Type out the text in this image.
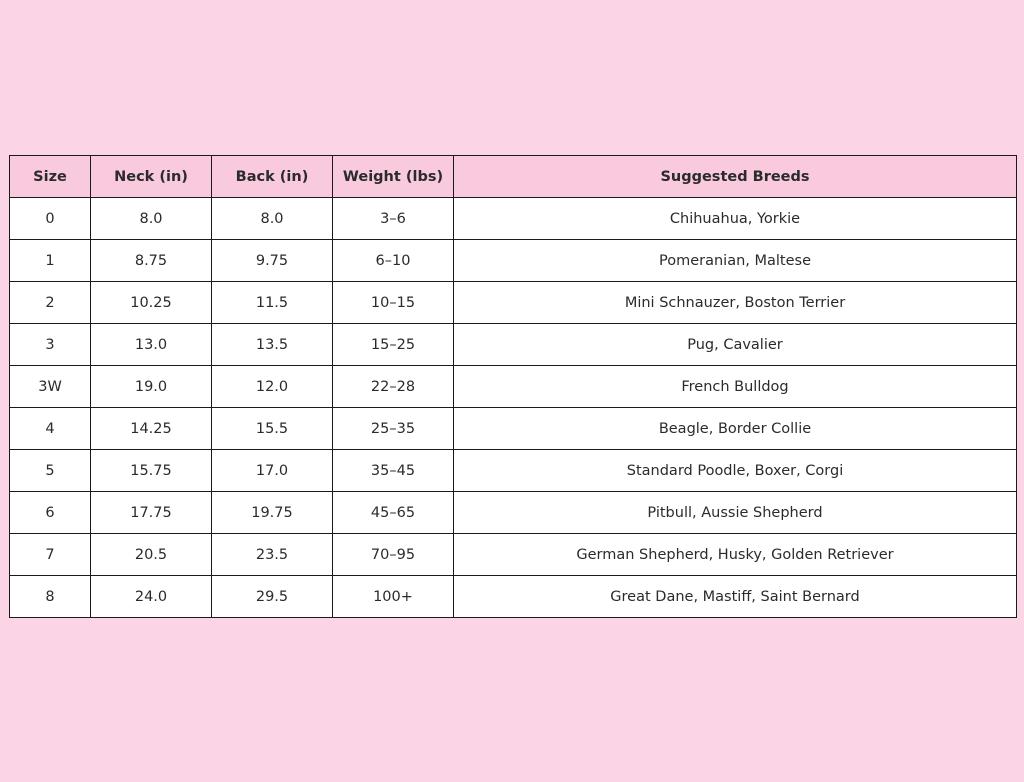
Size	Neck (in)	Back (in)	Weight (lbs)	Suggested Breeds
0	8.0	8.0	3–6	Chihuahua, Yorkie
1	8.75	9.75	6–10	Pomeranian, Maltese
2	10.25	11.5	10–15	Mini Schnauzer, Boston Terrier
3	13.0	13.5	15–25	Pug, Cavalier
3W	19.0	12.0	22–28	French Bulldog
4	14.25	15.5	25–35	Beagle, Border Collie
5	15.75	17.0	35–45	Standard Poodle, Boxer, Corgi
6	17.75	19.75	45–65	Pitbull, Aussie Shepherd
7	20.5	23.5	70–95	German Shepherd, Husky, Golden Retriever
8	24.0	29.5	100+	Great Dane, Mastiff, Saint Bernard
